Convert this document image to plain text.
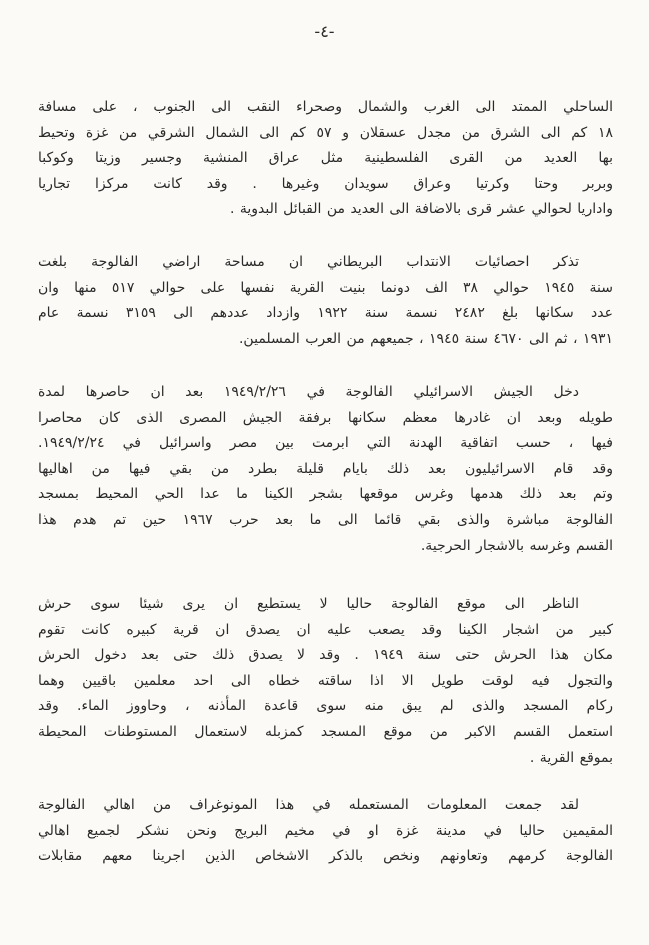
-٤-
الساحلي الممتد الى الغرب والشمال وصحراء النقب الى الجنوب ، على مسافة
١٨ كم الى الشرق من مجدل عسقلان و ٥٧ كم الى الشمال الشرقي من غزة وتحيط
بها العديد من القرى الفلسطينية مثل عراق المنشية وجسير وزيتا وكوكبا
وبربر وحتا وكرتيا وعراق سويدان وغيرها . وقد كانت مركزا تجاريا
واداريا لحوالي عشر قرى بالاضافة الى العديد من القبائل البدوية .
تذكر احصائيات الانتداب البريطاني ان مساحة اراضي الفالوجة بلغت
سنة ١٩٤٥ حوالي ٣٨ الف دونما بنيت القرية نفسها على حوالي ٥١٧ منها وان
عدد سكانها بلغ ٢٤٨٢ نسمة سنة ١٩٢٢ وازداد عددهم الى ٣١٥٩ نسمة عام
١٩٣١ ، ثم الى ٤٦٧٠ سنة ١٩٤٥ ، جميعهم من العرب المسلمين.
دخل الجيش الاسرائيلي الفالوجة في ١٩٤٩/٢/٢٦ بعد ان حاصرها لمدة
طويله وبعد ان غادرها معظم سكانها برفقة الجيش المصرى الذى كان محاصرا
فيها ، حسب اتفاقية الهدنة التي ابرمت بين مصر واسرائيل في ١٩٤٩/٢/٢٤.
وقد قام الاسرائيليون بعد ذلك بايام قليلة بطرد من بقي فيها من اهاليها
وتم بعد ذلك هدمها وغرس موقعها بشجر الكينا ما عدا الحي المحيط بمسجد
الفالوجة مباشرة والذى بقي قائما الى ما بعد حرب ١٩٦٧ حين تم هدم هذا
القسم وغرسه بالاشجار الحرجية.
الناظر الى موقع الفالوجة حاليا لا يستطيع ان يرى شيئا سوى حرش
كبير من اشجار الكينا وقد يصعب عليه ان يصدق ان قرية كبيره كانت تقوم
مكان هذا الحرش حتى سنة ١٩٤٩ . وقد لا يصدق ذلك حتى بعد دخول الحرش
والتجول فيه لوقت طويل الا اذا ساقته خطاه الى احد معلمين باقيين وهما
ركام المسجد والذى لم يبق منه سوى قاعدة المأذنه ، وحاووز الماء. وقد
استعمل القسم الاكبر من موقع المسجد كمزبله لاستعمال المستوطنات المحيطة
بموقع القرية .
لقد جمعت المعلومات المستعمله في هذا المونوغراف من اهالي الفالوجة
المقيمين حاليا في مدينة غزة او في مخيم البريج ونحن نشكر لجميع اهالي
الفالوجة كرمهم وتعاونهم ونخص بالذكر الاشخاص الذين اجرينا معهم مقابلات
